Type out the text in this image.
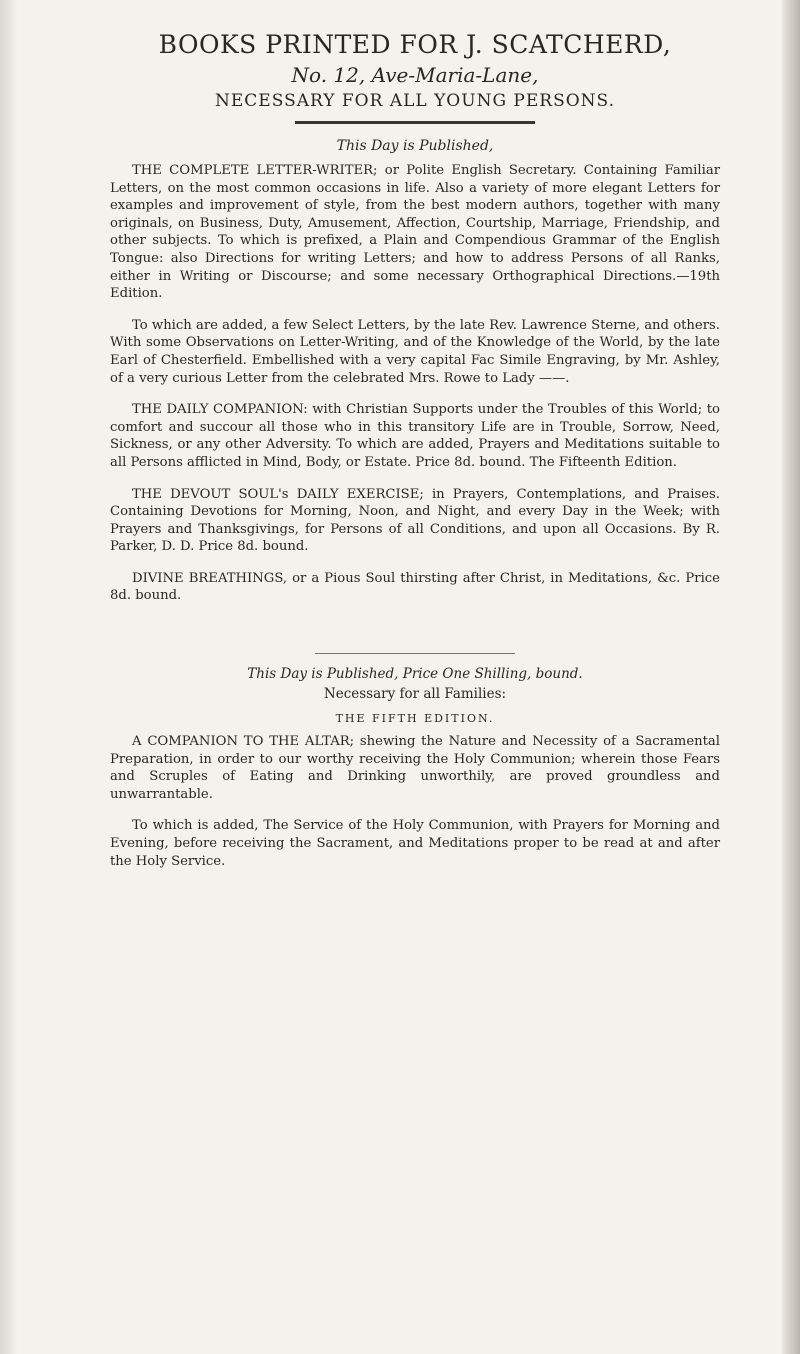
BOOKS PRINTED FOR J. SCATCHERD,
No. 12, Ave-Maria-Lane,
NECESSARY FOR ALL YOUNG PERSONS.
This Day is Published,
THE COMPLETE LETTER-WRITER; or Polite English Secretary. Containing Familiar Letters, on the most common occasions in life. Also a variety of more elegant Letters for examples and improvement of style, from the best modern authors, together with many originals, on Business, Duty, Amusement, Affection, Courtship, Marriage, Friendship, and other subjects. To which is prefixed, a Plain and Compendious Grammar of the English Tongue: also Directions for writing Letters; and how to address Persons of all Ranks, either in Writing or Discourse; and some necessary Orthographical Directions.—19th Edition.
To which are added, a few Select Letters, by the late Rev. Lawrence Sterne, and others. With some Observations on Letter-Writing, and of the Knowledge of the World, by the late Earl of Chesterfield. Embellished with a very capital Fac Simile Engraving, by Mr. Ashley, of a very curious Letter from the celebrated Mrs. Rowe to Lady ——.
THE DAILY COMPANION: with Christian Supports under the Troubles of this World; to comfort and succour all those who in this transitory Life are in Trouble, Sorrow, Need, Sickness, or any other Adversity. To which are added, Prayers and Meditations suitable to all Persons afflicted in Mind, Body, or Estate. Price 8d. bound. The Fifteenth Edition.
THE DEVOUT SOUL's DAILY EXERCISE; in Prayers, Contemplations, and Praises. Containing Devotions for Morning, Noon, and Night, and every Day in the Week; with Prayers and Thanksgivings, for Persons of all Conditions, and upon all Occasions. By R. Parker, D. D. Price 8d. bound.
DIVINE BREATHINGS, or a Pious Soul thirsting after Christ, in Meditations, &c. Price 8d. bound.
This Day is Published, Price One Shilling, bound.
Necessary for all Families:
THE FIFTH EDITION.
A COMPANION TO THE ALTAR; shewing the Nature and Necessity of a Sacramental Preparation, in order to our worthy receiving the Holy Communion; wherein those Fears and Scruples of Eating and Drinking unworthily, are proved groundless and unwarrantable.
To which is added, The Service of the Holy Communion, with Prayers for Morning and Evening, before receiving the Sacrament, and Meditations proper to be read at and after the Holy Service.
